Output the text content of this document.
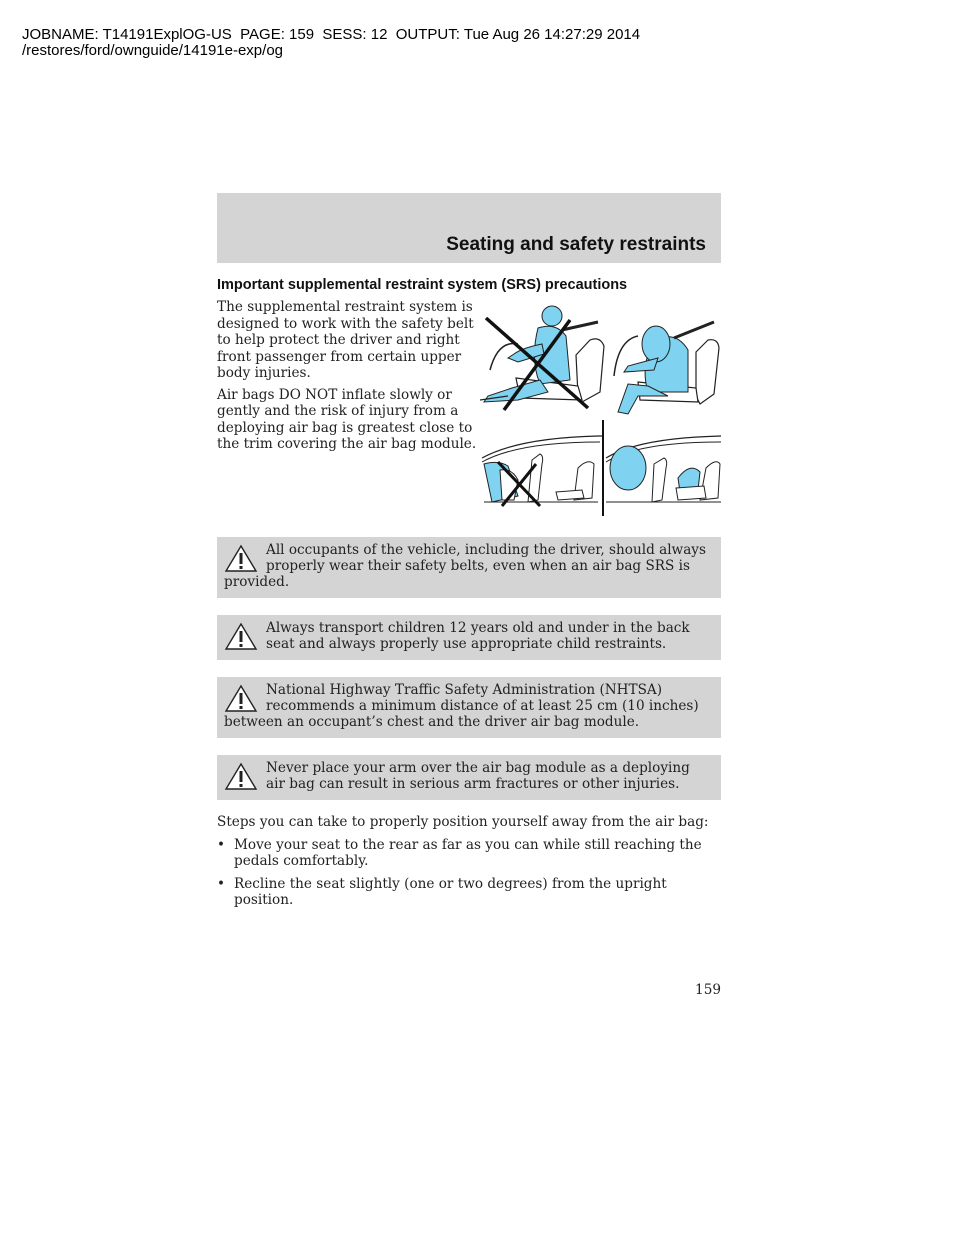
JOBNAME: T14191ExplOG-US  PAGE: 159  SESS: 12  OUTPUT: Tue Aug 26 14:27:29 2014
/restores/ford/ownguide/14191e-exp/og
Seating and safety restraints
Important supplemental restraint system (SRS) precautions

The supplemental restraint system is designed to work with the safety belt to help protect the driver and right front passenger from certain upper body injuries.

Air bags DO NOT inflate slowly or gently and the risk of injury from a deploying air bag is greatest close to the trim covering the air bag module.

All occupants of the vehicle, including the driver, should always properly wear their safety belts, even when an air bag SRS is provided.
Always transport children 12 years old and under in the back seat and always properly use appropriate child restraints.
National Highway Traffic Safety Administration (NHTSA) recommends a minimum distance of at least 25 cm (10 inches) between an occupant’s chest and the driver air bag module.
Never place your arm over the air bag module as a deploying air bag can result in serious arm fractures or other injuries.

Steps you can take to properly position yourself away from the air bag:

• Move your seat to the rear as far as you can while still reaching the pedals comfortably.
• Recline the seat slightly (one or two degrees) from the upright position.
159
